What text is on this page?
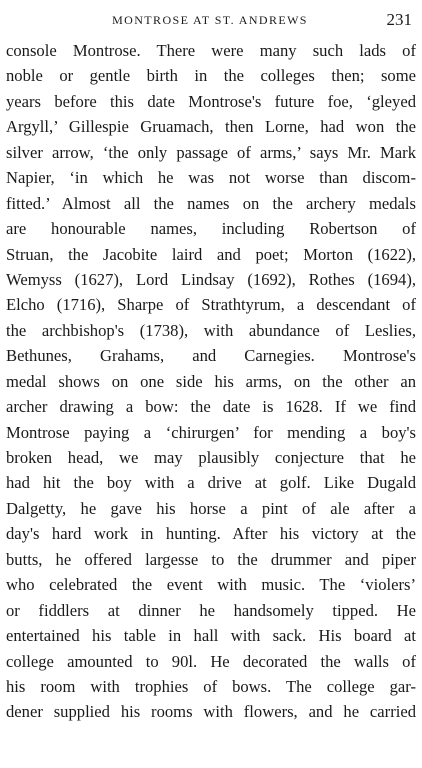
MONTROSE AT ST. ANDREWS	231
console Montrose. There were many such lads of
noble or gentle birth in the colleges then; some
years before this date Montrose's future foe, ‘gleyed
Argyll,’ Gillespie Gruamach, then Lorne, had won the
silver arrow, ‘the only passage of arms,’ says Mr. Mark
Napier, ‘in which he was not worse than discom-
fitted.’ Almost all the names on the archery medals
are honourable names, including Robertson of
Struan, the Jacobite laird and poet; Morton (1622),
Wemyss (1627), Lord Lindsay (1692), Rothes (1694),
Elcho (1716), Sharpe of Strathtyrum, a descendant of
the archbishop's (1738), with abundance of Leslies,
Bethunes, Grahams, and Carnegies. Montrose's
medal shows on one side his arms, on the other an
archer drawing a bow: the date is 1628. If we find
Montrose paying a ‘chirurgen’ for mending a boy's
broken head, we may plausibly conjecture that he
had hit the boy with a drive at golf. Like Dugald
Dalgetty, he gave his horse a pint of ale after a
day's hard work in hunting. After his victory at the
butts, he offered largesse to the drummer and piper
who celebrated the event with music. The ‘violers’
or fiddlers at dinner he handsomely tipped. He
entertained his table in hall with sack. His board at
college amounted to 90l. He decorated the walls of
his room with trophies of bows. The college gar-
dener supplied his rooms with flowers, and he carried
